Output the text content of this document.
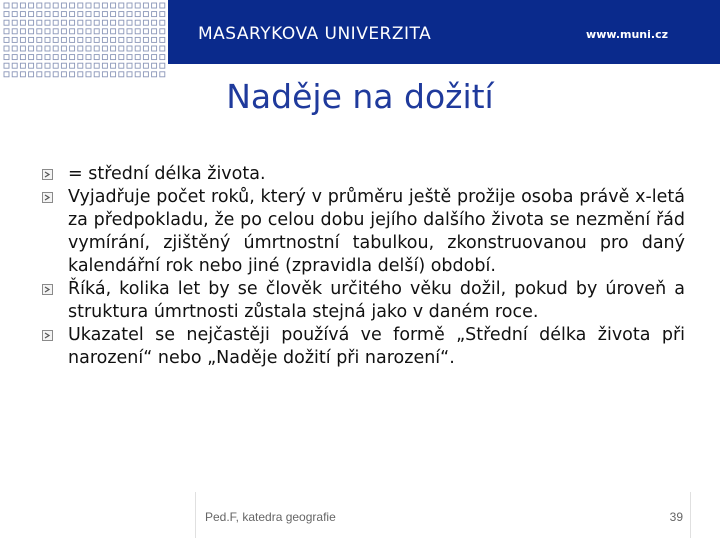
MASARYKOVA UNIVERZITA	www.muni.cz
Naděje na dožití
= střední délka života.
Vyjadřuje počet roků, který v průměru ještě prožije osoba právě x-letá za předpokladu, že po celou dobu jejího dalšího života se nezmění řád vymírání, zjištěný úmrtnostní tabulkou, zkonstruovanou pro daný kalendářní rok nebo jiné (zpravidla delší) období.
Říká, kolika let by se člověk určitého věku dožil, pokud by úroveň a struktura úmrtnosti zůstala stejná jako v daném roce.
Ukazatel se nejčastěji používá ve formě „Střední délka života při narození“ nebo „Naděje dožití při narození“.
Ped.F, katedra geografie	39
